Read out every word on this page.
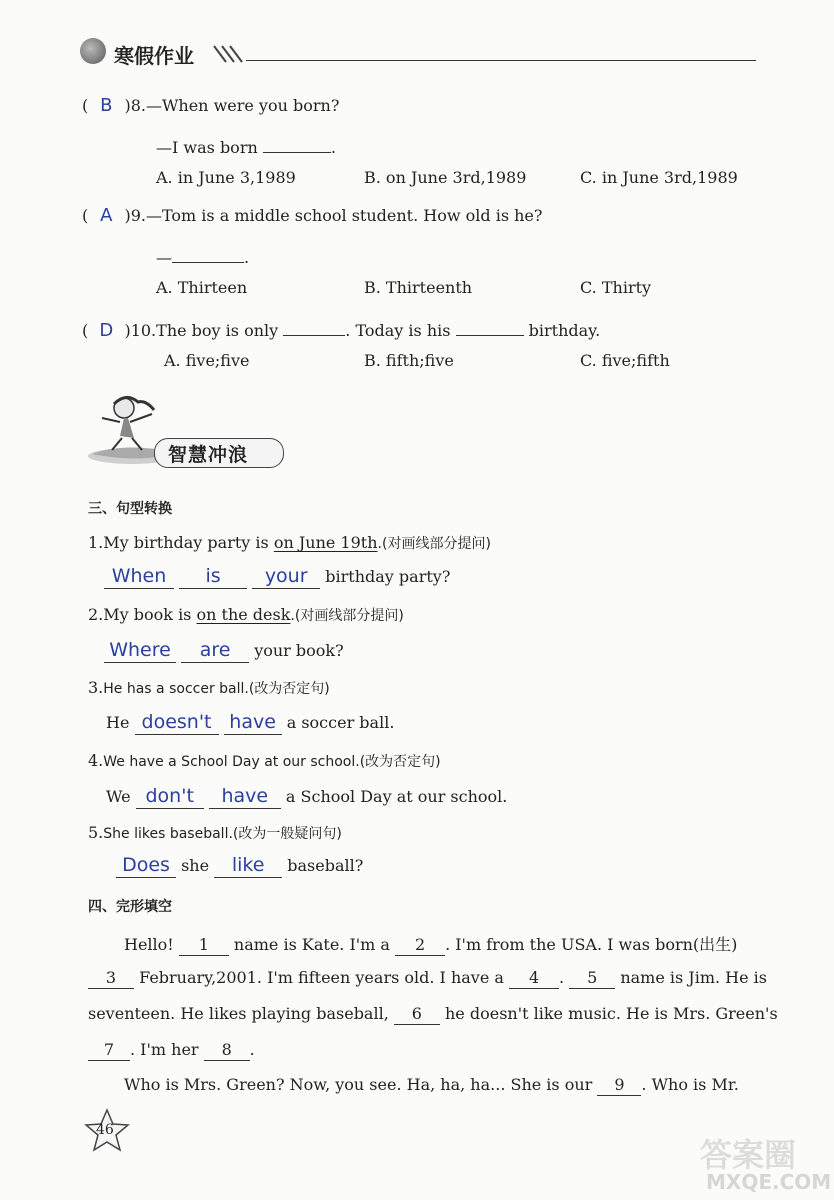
寒假作业
( B )8.—When were you born?
—I was born	.
A. in June 3,1989	B. on June 3rd,1989	C. in June 3rd,1989
( A )9.—Tom is a middle school student. How old is he?
—	.
A. Thirteen	B. Thirteenth	C. Thirty
( D )10.The boy is only	. Today is his	birthday.
A. five;five	B. fifth;five	C. five;fifth
智慧冲浪
三、句型转换
1.My birthday party is on June 19th.(对画线部分提问)
When is your birthday party?
2.My book is on the desk.(对画线部分提问)
Where are your book?
3.He has a soccer ball.(改为否定句)
He doesn't have a soccer ball.
4.We have a School Day at our school.(改为否定句)
We don't have a School Day at our school.
5.She likes baseball.(改为一般疑问句)
Does she like baseball?
四、完形填空
Hello! 1 name is Kate. I'm a 2 . I'm from the USA. I was born(出生)
3 February,2001. I'm fifteen years old. I have a 4 . 5 name is Jim. He is
seventeen. He likes playing baseball, 6 he doesn't like music. He is Mrs. Green's
7 . I'm her 8 .
Who is Mrs. Green? Now, you see. Ha, ha, ha... She is our 9 . Who is Mr.
46
答案圈
MXQE.COM
